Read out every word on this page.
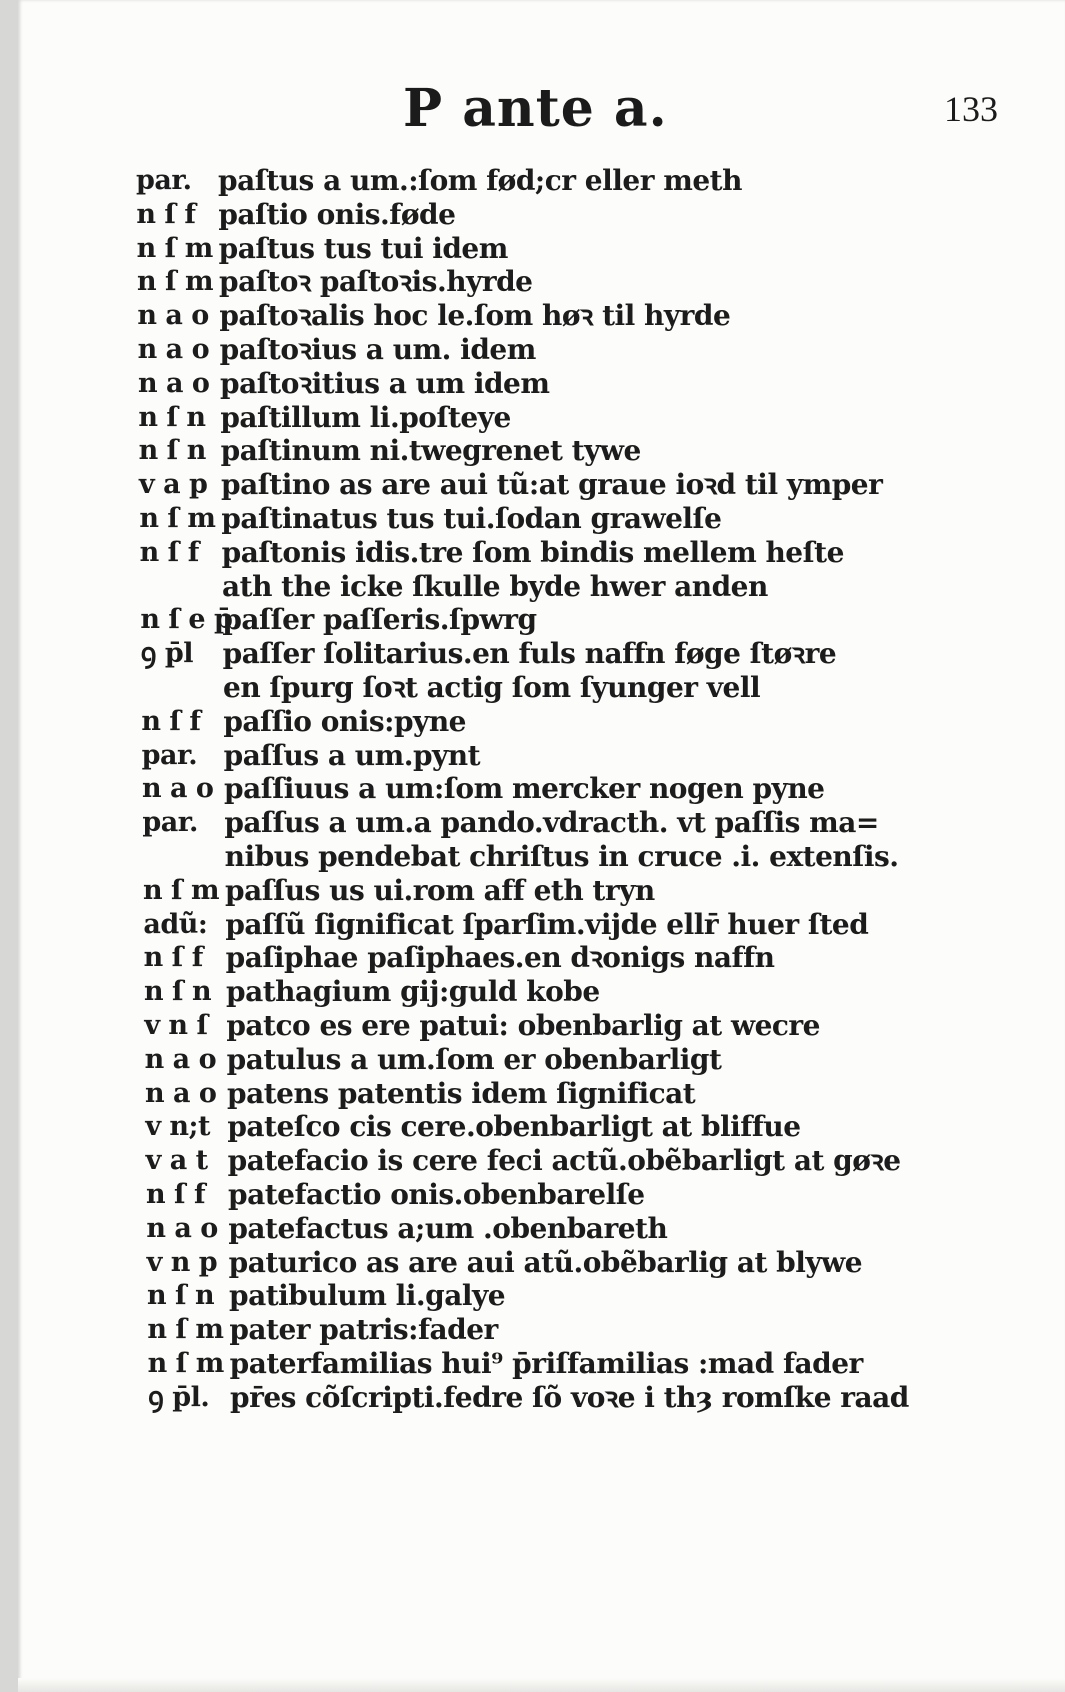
P ante a.	133
par. paſtus a um.:ſom fød;cr eller meth
n ſ f paſtio onis.føde
n ſ m paſtus tus tui idem
n ſ m paſtoꝛ paſtoꝛis.hyrde
n a o paſtoꝛalis hoc le.ſom høꝛ til hyrde
n a o paſtoꝛius a um. idem
n a o paſtoꝛitius a um idem
n ſ n paſtillum li.poſteye
n ſ n paſtinum ni.twegrenet tywe
v a p paſtino as are aui tũ:at graue ioꝛd til ymper
n ſ m paſtinatus tus tui.ſodan grawelſe
n ſ f paſtonis idis.tre ſom bindis mellem heſte
ath the icke ſkulle byde hwer anden
n ſ e p̄.
paſſer paſſeris.ſpwrg
ꝯ p̄l	paſſer ſolitarius.en fuls naffn føge ſtøꝛre
en ſpurg ſoꝛt actig ſom ſyunger vell
n ſ f paſſio onis:pyne
par. paſſus a um.pynt
n a o paſſiuus a um:ſom mercker nogen pyne
par. paſſus a um.a pando.vdracth. vt paſſis ma=
nibus pendebat chriſtus in cruce .i. extenſis.
n ſ m paſſus us ui.rom aff eth tryn
adũ: paſſũ ſignificat ſparſim.vijde ellr̄ huer ſted
n ſ f paſiphae paſiphaes.en dꝛonigs naffn
n ſ n pathagium gij:guld kobe
v n ſ patco es ere patui: obenbarlig at wecre
n a o patulus a um.ſom er obenbarligt
n a o patens patentis idem ſignificat
v n;t pateſco cis cere.obenbarligt at bliffue
v a t patefacio is cere feci actũ.obẽbarligt at gøꝛe
n ſ f patefactio onis.obenbarelſe
n a o patefactus a;um .obenbareth
v n p paturico as are aui atũ.obẽbarlig at blywe
n ſ n patibulum li.galye
n ſ m pater patris:fader
n ſ m paterfamilias hui⁹ p̄riſfamilias :mad fader
ꝯ p̄l. pr̄es cõſcripti.fedre ſõ voꝛe i thȝ romſke raad
